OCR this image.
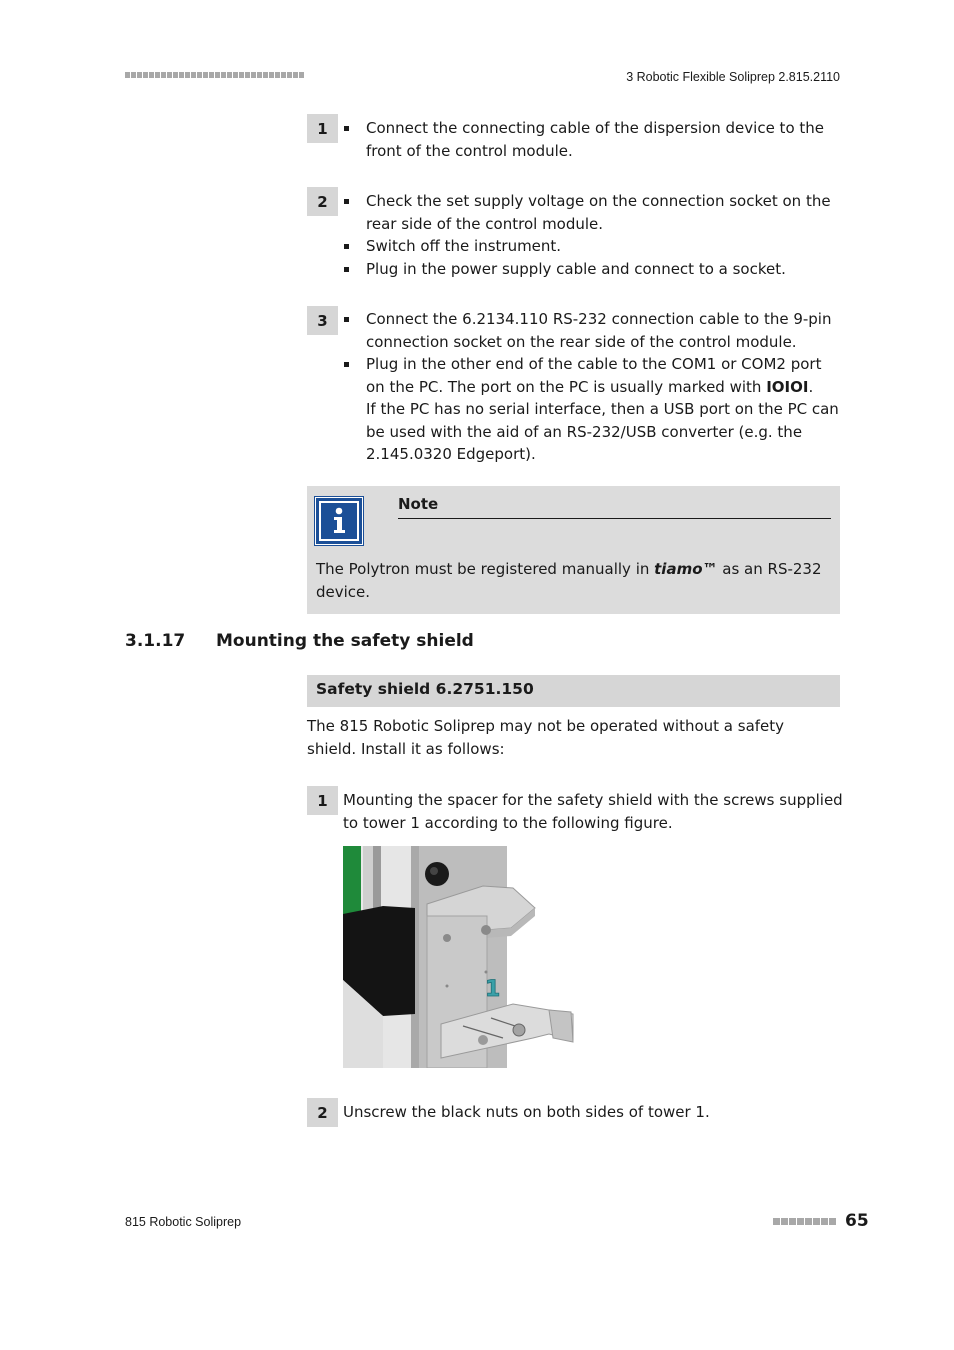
3 Robotic Flexible Soliprep 2.815.2110
1	Connect the connecting cable of the dispersion device to the front of the control module.
2	Check the set supply voltage on the connection socket on the rear side of the control module.
Switch off the instrument.
Plug in the power supply cable and connect to a socket.
3	Connect the 6.2134.110 RS-232 connection cable to the 9-pin connection socket on the rear side of the control module.
Plug in the other end of the cable to the COM1 or COM2 port on the PC. The port on the PC is usually marked with IOIOI.
If the PC has no serial interface, then a USB port on the PC can be used with the aid of an RS-232/USB converter (e.g. the 2.145.0320 Edgeport).
Note
The Polytron must be registered manually in tiamo™ as an RS-232 device.
3.1.17 Mounting the safety shield
Safety shield 6.2751.150
The 815 Robotic Soliprep may not be operated without a safety shield. Install it as follows:
1	Mounting the spacer for the safety shield with the screws supplied to tower 1 according to the following figure.
1
2	Unscrew the black nuts on both sides of tower 1.
815 Robotic Soliprep	65
